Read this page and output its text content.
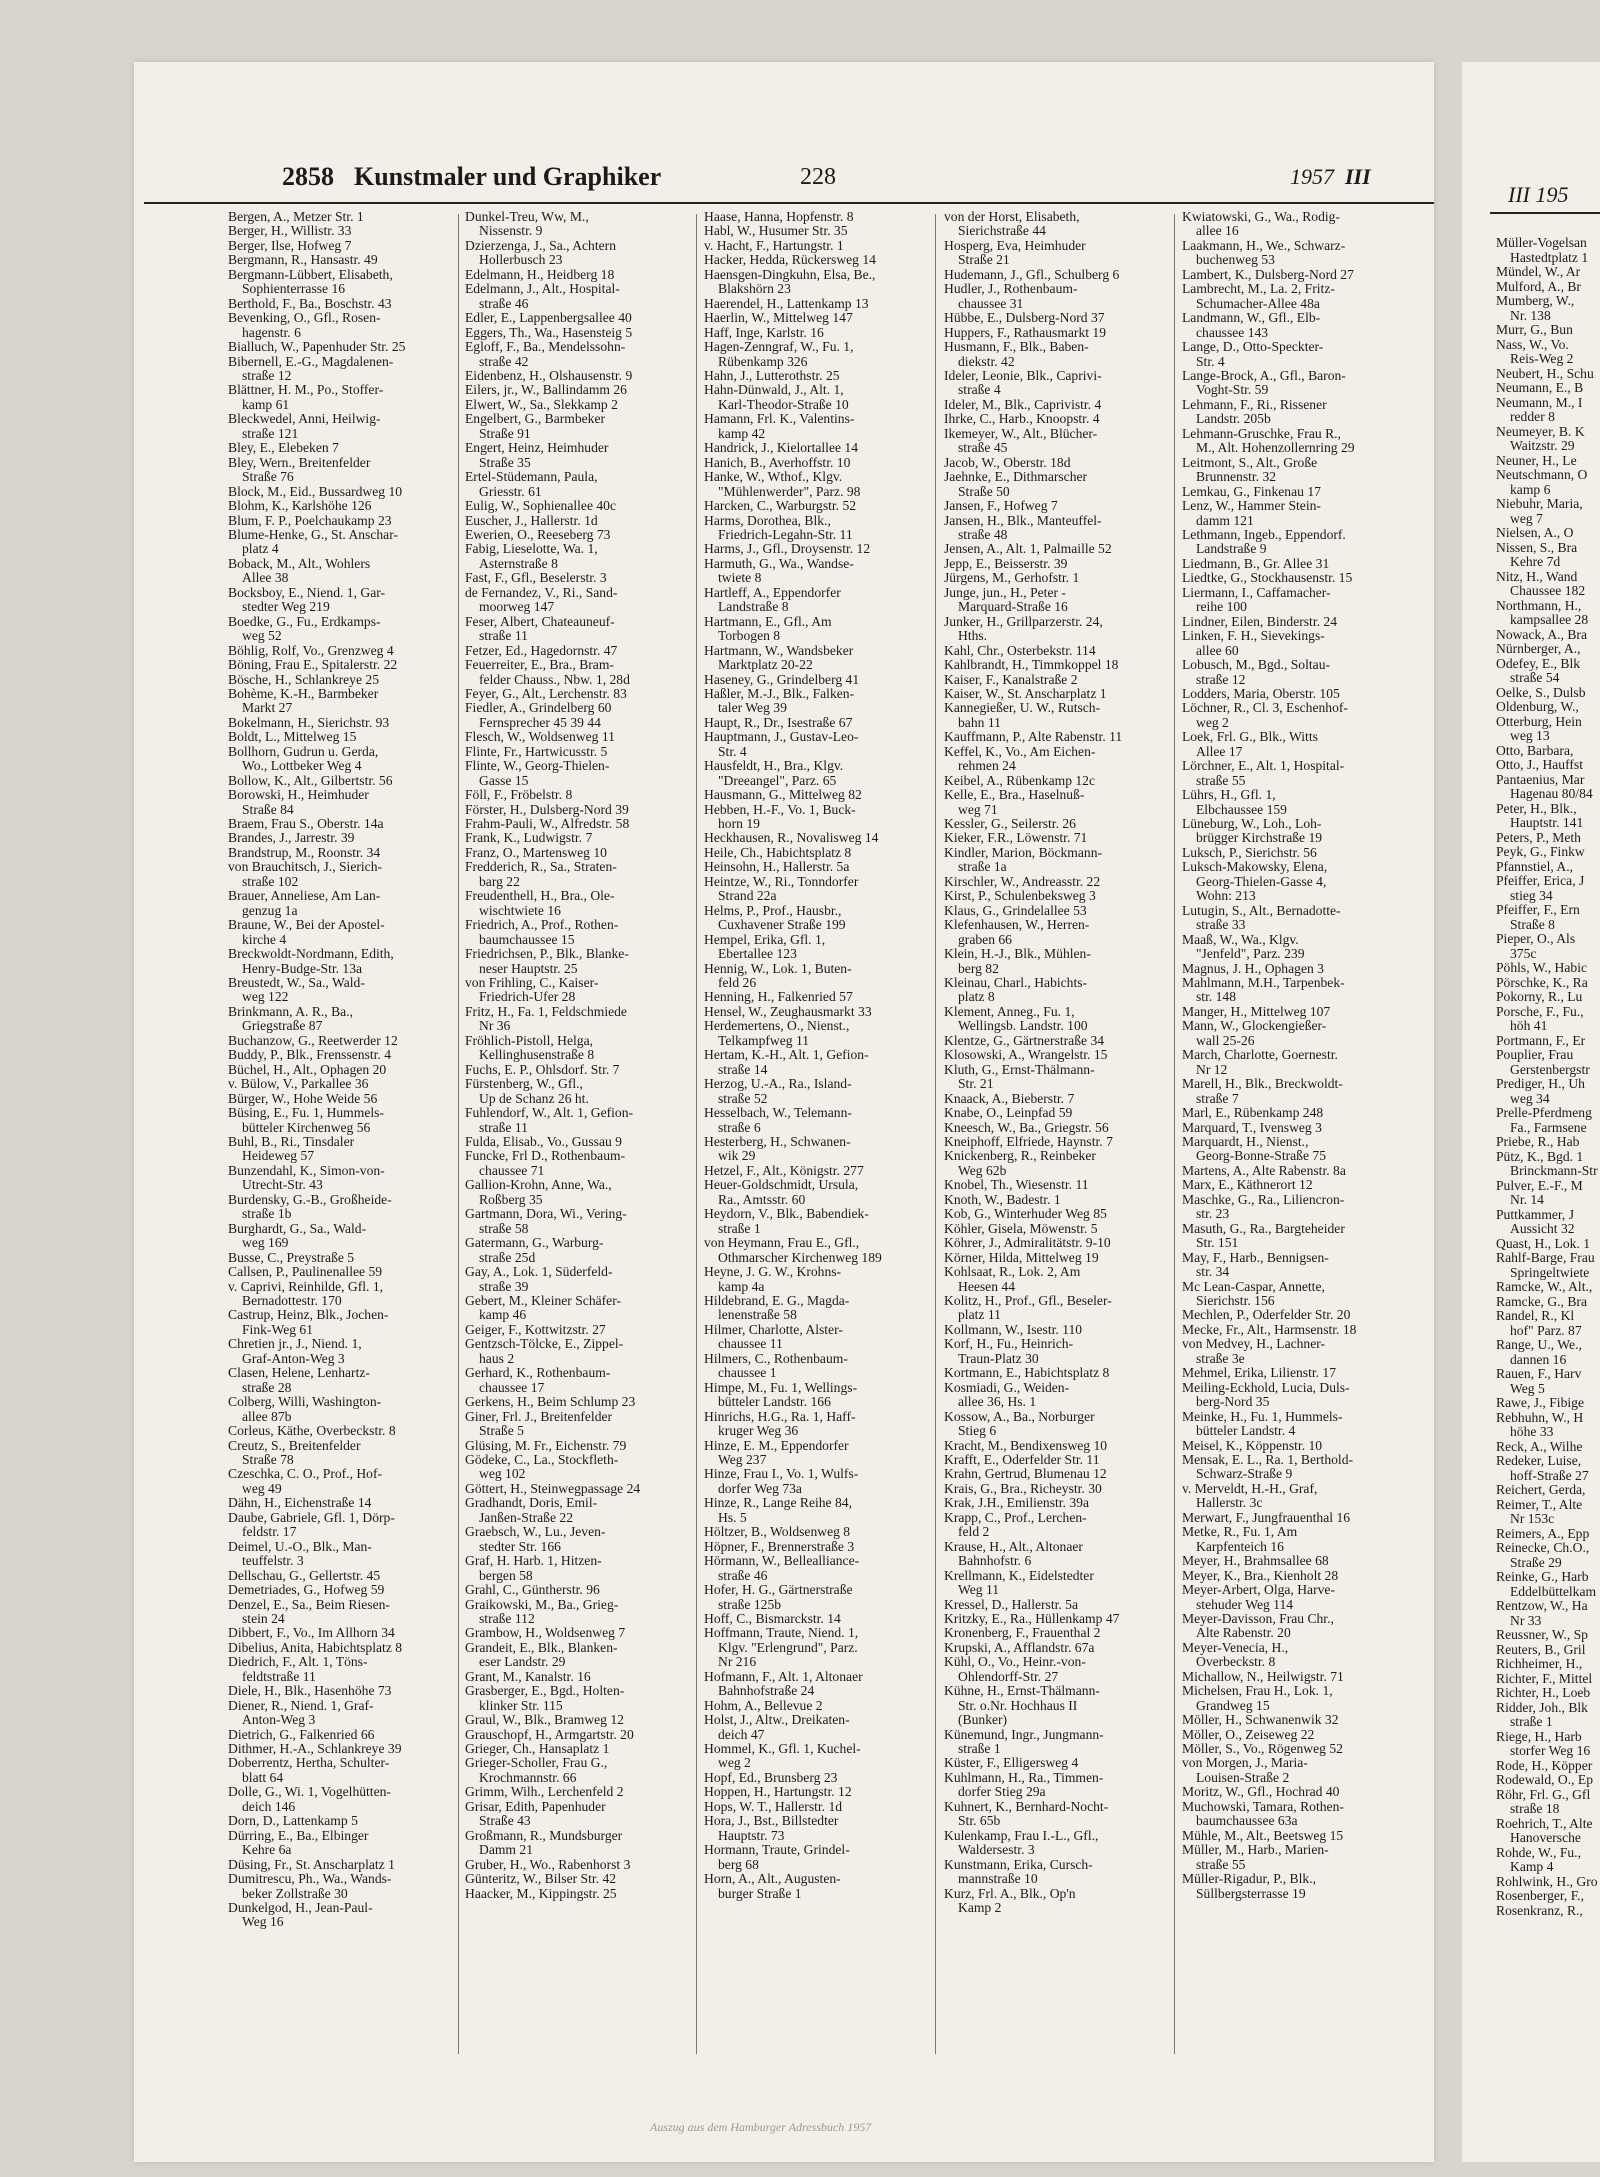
2858 Kunstmaler und Graphiker	228	1957 III
III 195

Bergen, A., Metzer Str. 1

Berger, H., Willistr. 33

Berger, Ilse, Hofweg 7

Bergmann, R., Hansastr. 49

Bergmann-Lübbert, Elisabeth,

Sophienterrasse 16

Berthold, F., Ba., Boschstr. 43

Bevenking, O., Gfl., Rosen-

hagenstr. 6

Bialluch, W., Papenhuder Str. 25

Bibernell, E.-G., Magdalenen-

straße 12

Blättner, H. M., Po., Stoffer-

kamp 61

Bleckwedel, Anni, Heilwig-

straße 121

Bley, E., Elebeken 7

Bley, Wern., Breitenfelder

Straße 76

Block, M., Eid., Bussardweg 10

Blohm, K., Karlshöhe 126

Blum, F. P., Poelchaukamp 23

Blume-Henke, G., St. Anschar-

platz 4

Boback, M., Alt., Wohlers

Allee 38

Bocksboy, E., Niend. 1, Gar-

stedter Weg 219

Boedke, G., Fu., Erdkamps-

weg 52

Böhlig, Rolf, Vo., Grenzweg 4

Böning, Frau E., Spitalerstr. 22

Bösche, H., Schlankreye 25

Bohème, K.-H., Barmbeker

Markt 27

Bokelmann, H., Sierichstr. 93

Boldt, L., Mittelweg 15

Bollhorn, Gudrun u. Gerda,

Wo., Lottbeker Weg 4

Bollow, K., Alt., Gilbertstr. 56

Borowski, H., Heimhuder

Straße 84

Braem, Frau S., Oberstr. 14a

Brandes, J., Jarrestr. 39

Brandstrup, M., Roonstr. 34

von Brauchitsch, J., Sierich-

straße 102

Brauer, Anneliese, Am Lan-

genzug 1a

Braune, W., Bei der Apostel-

kirche 4

Breckwoldt-Nordmann, Edith,

Henry-Budge-Str. 13a

Breustedt, W., Sa., Wald-

weg 122

Brinkmann, A. R., Ba.,

Griegstraße 87

Buchanzow, G., Reetwerder 12

Buddy, P., Blk., Frenssenstr. 4

Büchel, H., Alt., Ophagen 20

v. Bülow, V., Parkallee 36

Bürger, W., Hohe Weide 56

Büsing, E., Fu. 1, Hummels-

bütteler Kirchenweg 56

Buhl, B., Ri., Tinsdaler

Heideweg 57

Bunzendahl, K., Simon-von-

Utrecht-Str. 43

Burdensky, G.-B., Großheide-

straße 1b

Burghardt, G., Sa., Wald-

weg 169

Busse, C., Preystraße 5

Callsen, P., Paulinenallee 59

v. Caprivi, Reinhilde, Gfl. 1,

Bernadottestr. 170

Castrup, Heinz, Blk., Jochen-

Fink-Weg 61

Chretien jr., J., Niend. 1,

Graf-Anton-Weg 3

Clasen, Helene, Lenhartz-

straße 28

Colberg, Willi, Washington-

allee 87b

Corleus, Käthe, Overbeckstr. 8

Creutz, S., Breitenfelder

Straße 78

Czeschka, C. O., Prof., Hof-

weg 49

Dähn, H., Eichenstraße 14

Daube, Gabriele, Gfl. 1, Dörp-

feldstr. 17

Deimel, U.-O., Blk., Man-

teuffelstr. 3

Dellschau, G., Gellertstr. 45

Demetriades, G., Hofweg 59

Denzel, E., Sa., Beim Riesen-

stein 24

Dibbert, F., Vo., Im Allhorn 34

Dibelius, Anita, Habichtsplatz 8

Diedrich, F., Alt. 1, Töns-

feldtstraße 11

Diele, H., Blk., Hasenhöhe 73

Diener, R., Niend. 1, Graf-

Anton-Weg 3

Dietrich, G., Falkenried 66

Dithmer, H.-A., Schlankreye 39

Doberrentz, Hertha, Schulter-

blatt 64

Dolle, G., Wi. 1, Vogelhütten-

deich 146

Dorn, D., Lattenkamp 5

Dürring, E., Ba., Elbinger

Kehre 6a

Düsing, Fr., St. Anscharplatz 1

Dumitrescu, Ph., Wa., Wands-

beker Zollstraße 30

Dunkelgod, H., Jean-Paul-

Weg 16

Dunkel-Treu, Ww, M.,

Nissenstr. 9

Dzierzenga, J., Sa., Achtern

Hollerbusch 23

Edelmann, H., Heidberg 18

Edelmann, J., Alt., Hospital-

straße 46

Edler, E., Lappenbergsallee 40

Eggers, Th., Wa., Hasensteig 5

Egloff, F., Ba., Mendelssohn-

straße 42

Eidenbenz, H., Olshausenstr. 9

Eilers, jr., W., Ballindamm 26

Elwert, W., Sa., Slekkamp 2

Engelbert, G., Barmbeker

Straße 91

Engert, Heinz, Heimhuder

Straße 35

Ertel-Stüdemann, Paula,

Griesstr. 61

Eulig, W., Sophienallee 40c

Euscher, J., Hallerstr. 1d

Ewerien, O., Reeseberg 73

Fabig, Lieselotte, Wa. 1,

Asternstraße 8

Fast, F., Gfl., Beselerstr. 3

de Fernandez, V., Ri., Sand-

moorweg 147

Feser, Albert, Chateauneuf-

straße 11

Fetzer, Ed., Hagedornstr. 47

Feuerreiter, E., Bra., Bram-

felder Chauss., Nbw. 1, 28d

Feyer, G., Alt., Lerchenstr. 83

Fiedler, A., Grindelberg 60

Fernsprecher 45 39 44

Flesch, W., Woldsenweg 11

Flinte, Fr., Hartwicusstr. 5

Flinte, W., Georg-Thielen-

Gasse 15

Föll, F., Fröbelstr. 8

Förster, H., Dulsberg-Nord 39

Frahm-Pauli, W., Alfredstr. 58

Frank, K., Ludwigstr. 7

Franz, O., Martensweg 10

Fredderich, R., Sa., Straten-

barg 22

Freudenthell, H., Bra., Ole-

wischtwiete 16

Friedrich, A., Prof., Rothen-

baumchaussee 15

Friedrichsen, P., Blk., Blanke-

neser Hauptstr. 25

von Frihling, C., Kaiser-

Friedrich-Ufer 28

Fritz, H., Fa. 1, Feldschmiede

Nr 36

Fröhlich-Pistoll, Helga,

Kellinghusenstraße 8

Fuchs, E. P., Ohlsdorf. Str. 7

Fürstenberg, W., Gfl.,

Up de Schanz 26 ht.

Fuhlendorf, W., Alt. 1, Gefion-

straße 11

Fulda, Elisab., Vo., Gussau 9

Funcke, Frl D., Rothenbaum-

chaussee 71

Gallion-Krohn, Anne, Wa.,

Roßberg 35

Gartmann, Dora, Wi., Vering-

straße 58

Gatermann, G., Warburg-

straße 25d

Gay, A., Lok. 1, Süderfeld-

straße 39

Gebert, M., Kleiner Schäfer-

kamp 46

Geiger, F., Kottwitzstr. 27

Gentzsch-Tölcke, E., Zippel-

haus 2

Gerhard, K., Rothenbaum-

chaussee 17

Gerkens, H., Beim Schlump 23

Giner, Frl. J., Breitenfelder

Straße 5

Glüsing, M. Fr., Eichenstr. 79

Gödeke, C., La., Stockfleth-

weg 102

Göttert, H., Steinwegpassage 24

Gradhandt, Doris, Emil-

Janßen-Straße 22

Graebsch, W., Lu., Jeven-

stedter Str. 166

Graf, H. Harb. 1, Hitzen-

bergen 58

Grahl, C., Güntherstr. 96

Graikowski, M., Ba., Grieg-

straße 112

Grambow, H., Woldsenweg 7

Grandeit, E., Blk., Blanken-

eser Landstr. 29

Grant, M., Kanalstr. 16

Grasberger, E., Bgd., Holten-

klinker Str. 115

Graul, W., Blk., Bramweg 12

Grauschopf, H., Armgartstr. 20

Grieger, Ch., Hansaplatz 1

Grieger-Scholler, Frau G.,

Krochmannstr. 66

Grimm, Wilh., Lerchenfeld 2

Grisar, Edith, Papenhuder

Straße 43

Großmann, R., Mundsburger

Damm 21

Gruber, H., Wo., Rabenhorst 3

Günteritz, W., Bilser Str. 42

Haacker, M., Kippingstr. 25

Haase, Hanna, Hopfenstr. 8

Habl, W., Husumer Str. 35

v. Hacht, F., Hartungstr. 1

Hacker, Hedda, Rückersweg 14

Haensgen-Dingkuhn, Elsa, Be.,

Blakshörn 23

Haerendel, H., Lattenkamp 13

Haerlin, W., Mittelweg 147

Haff, Inge, Karlstr. 16

Hagen-Zenngraf, W., Fu. 1,

Rübenkamp 326

Hahn, J., Lutterothstr. 25

Hahn-Dünwald, J., Alt. 1,

Karl-Theodor-Straße 10

Hamann, Frl. K., Valentins-

kamp 42

Handrick, J., Kielortallee 14

Hanich, B., Averhoffstr. 10

Hanke, W., Wthof., Klgv.

"Mühlenwerder", Parz. 98

Harcken, C., Warburgstr. 52

Harms, Dorothea, Blk.,

Friedrich-Legahn-Str. 11

Harms, J., Gfl., Droysenstr. 12

Harmuth, G., Wa., Wandse-

twiete 8

Hartleff, A., Eppendorfer

Landstraße 8

Hartmann, E., Gfl., Am

Torbogen 8

Hartmann, W., Wandsbeker

Marktplatz 20-22

Haseney, G., Grindelberg 41

Haßler, M.-J., Blk., Falken-

taler Weg 39

Haupt, R., Dr., Isestraße 67

Hauptmann, J., Gustav-Leo-

Str. 4

Hausfeldt, H., Bra., Klgv.

"Dreeangel", Parz. 65

Hausmann, G., Mittelweg 82

Hebben, H.-F., Vo. 1, Buck-

horn 19

Heckhausen, R., Novalisweg 14

Heile, Ch., Habichtsplatz 8

Heinsohn, H., Hallerstr. 5a

Heintze, W., Ri., Tonndorfer

Strand 22a

Helms, P., Prof., Hausbr.,

Cuxhavener Straße 199

Hempel, Erika, Gfl. 1,

Ebertallee 123

Hennig, W., Lok. 1, Buten-

feld 26

Henning, H., Falkenried 57

Hensel, W., Zeughausmarkt 33

Herdemertens, O., Nienst.,

Telkampfweg 11

Hertam, K.-H., Alt. 1, Gefion-

straße 14

Herzog, U.-A., Ra., Island-

straße 52

Hesselbach, W., Telemann-

straße 6

Hesterberg, H., Schwanen-

wik 29

Hetzel, F., Alt., Königstr. 277

Heuer-Goldschmidt, Ursula,

Ra., Amtsstr. 60

Heydorn, V., Blk., Babendiek-

straße 1

von Heymann, Frau E., Gfl.,

Othmarscher Kirchenweg 189

Heyne, J. G. W., Krohns-

kamp 4a

Hildebrand, E. G., Magda-

lenenstraße 58

Hilmer, Charlotte, Alster-

chaussee 11

Hilmers, C., Rothenbaum-

chaussee 1

Himpe, M., Fu. 1, Wellings-

bütteler Landstr. 166

Hinrichs, H.G., Ra. 1, Haff-

kruger Weg 36

Hinze, E. M., Eppendorfer

Weg 237

Hinze, Frau I., Vo. 1, Wulfs-

dorfer Weg 73a

Hinze, R., Lange Reihe 84,

Hs. 5

Höltzer, B., Woldsenweg 8

Höpner, F., Brennerstraße 3

Hörmann, W., Bellealliance-

straße 46

Hofer, H. G., Gärtnerstraße

straße 125b

Hoff, C., Bismarckstr. 14

Hoffmann, Traute, Niend. 1,

Klgv. "Erlengrund", Parz.

Nr 216

Hofmann, F., Alt. 1, Altonaer

Bahnhofstraße 24

Hohm, A., Bellevue 2

Holst, J., Altw., Dreikaten-

deich 47

Hommel, K., Gfl. 1, Kuchel-

weg 2

Hopf, Ed., Brunsberg 23

Hoppen, H., Hartungstr. 12

Hops, W. T., Hallerstr. 1d

Hora, J., Bst., Billstedter

Hauptstr. 73

Hormann, Traute, Grindel-

berg 68

Horn, A., Alt., Augusten-

burger Straße 1

von der Horst, Elisabeth,

Sierichstraße 44

Hosperg, Eva, Heimhuder

Straße 21

Hudemann, J., Gfl., Schulberg 6

Hudler, J., Rothenbaum-

chaussee 31

Hübbe, E., Dulsberg-Nord 37

Huppers, F., Rathausmarkt 19

Husmann, F., Blk., Baben-

diekstr. 42

Ideler, Leonie, Blk., Caprivi-

straße 4

Ideler, M., Blk., Caprivistr. 4

Ihrke, C., Harb., Knoopstr. 4

Ikemeyer, W., Alt., Blücher-

straße 45

Jacob, W., Oberstr. 18d

Jaehnke, E., Dithmarscher

Straße 50

Jansen, F., Hofweg 7

Jansen, H., Blk., Manteuffel-

straße 48

Jensen, A., Alt. 1, Palmaille 52

Jepp, E., Beisserstr. 39

Jürgens, M., Gerhofstr. 1

Junge, jun., H., Peter -

Marquard-Straße 16

Junker, H., Grillparzerstr. 24,

Hths.

Kahl, Chr., Osterbekstr. 114

Kahlbrandt, H., Timmkoppel 18

Kaiser, F., Kanalstraße 2

Kaiser, W., St. Anscharplatz 1

Kannegießer, U. W., Rutsch-

bahn 11

Kauffmann, P., Alte Rabenstr. 11

Keffel, K., Vo., Am Eichen-

rehmen 24

Keibel, A., Rübenkamp 12c

Kelle, E., Bra., Haselnuß-

weg 71

Kessler, G., Seilerstr. 26

Kieker, F.R., Löwenstr. 71

Kindler, Marion, Böckmann-

straße 1a

Kirschler, W., Andreasstr. 22

Kirst, P., Schulenbeksweg 3

Klaus, G., Grindelallee 53

Klefenhausen, W., Herren-

graben 66

Klein, H.-J., Blk., Mühlen-

berg 82

Kleinau, Charl., Habichts-

platz 8

Klement, Anneg., Fu. 1,

Wellingsb. Landstr. 100

Klentze, G., Gärtnerstraße 34

Klosowski, A., Wrangelstr. 15

Kluth, G., Ernst-Thälmann-

Str. 21

Knaack, A., Bieberstr. 7

Knabe, O., Leinpfad 59

Kneesch, W., Ba., Griegstr. 56

Kneiphoff, Elfriede, Haynstr. 7

Knickenberg, R., Reinbeker

Weg 62b

Knobel, Th., Wiesenstr. 11

Knoth, W., Badestr. 1

Kob, G., Winterhuder Weg 85

Köhler, Gisela, Möwenstr. 5

Köhrer, J., Admiralitätstr. 9-10

Körner, Hilda, Mittelweg 19

Kohlsaat, R., Lok. 2, Am

Heesen 44

Kolitz, H., Prof., Gfl., Beseler-

platz 11

Kollmann, W., Isestr. 110

Korf, H., Fu., Heinrich-

Traun-Platz 30

Kortmann, E., Habichtsplatz 8

Kosmiadi, G., Weiden-

allee 36, Hs. 1

Kossow, A., Ba., Norburger

Stieg 6

Kracht, M., Bendixensweg 10

Krafft, E., Oderfelder Str. 11

Krahn, Gertrud, Blumenau 12

Krais, G., Bra., Richeystr. 30

Krak, J.H., Emilienstr. 39a

Krapp, C., Prof., Lerchen-

feld 2

Krause, H., Alt., Altonaer

Bahnhofstr. 6

Krellmann, K., Eidelstedter

Weg 11

Kressel, D., Hallerstr. 5a

Kritzky, E., Ra., Hüllenkamp 47

Kronenberg, F., Frauenthal 2

Krupski, A., Afflandstr. 67a

Kühl, O., Vo., Heinr.-von-

Ohlendorff-Str. 27

Kühne, H., Ernst-Thälmann-

Str. o.Nr. Hochhaus II

(Bunker)

Künemund, Ingr., Jungmann-

straße 1

Küster, F., Elligersweg 4

Kuhlmann, H., Ra., Timmen-

dorfer Stieg 29a

Kuhnert, K., Bernhard-Nocht-

Str. 65b

Kulenkamp, Frau I.-L., Gfl.,

Waldersestr. 3

Kunstmann, Erika, Cursch-

mannstraße 10

Kurz, Frl. A., Blk., Op'n

Kamp 2

Kwiatowski, G., Wa., Rodig-

allee 16

Laakmann, H., We., Schwarz-

buchenweg 53

Lambert, K., Dulsberg-Nord 27

Lambrecht, M., La. 2, Fritz-

Schumacher-Allee 48a

Landmann, W., Gfl., Elb-

chaussee 143

Lange, D., Otto-Speckter-

Str. 4

Lange-Brock, A., Gfl., Baron-

Voght-Str. 59

Lehmann, F., Ri., Rissener

Landstr. 205b

Lehmann-Gruschke, Frau R.,

M., Alt. Hohenzollernring 29

Leitmont, S., Alt., Große

Brunnenstr. 32

Lemkau, G., Finkenau 17

Lenz, W., Hammer Stein-

damm 121

Lethmann, Ingeb., Eppendorf.

Landstraße 9

Liedmann, B., Gr. Allee 31

Liedtke, G., Stockhausenstr. 15

Liermann, I., Caffamacher-

reihe 100

Lindner, Eilen, Binderstr. 24

Linken, F. H., Sievekings-

allee 60

Lobusch, M., Bgd., Soltau-

straße 12

Lodders, Maria, Oberstr. 105

Löchner, R., Cl. 3, Eschenhof-

weg 2

Loek, Frl. G., Blk., Witts

Allee 17

Lörchner, E., Alt. 1, Hospital-

straße 55

Lührs, H., Gfl. 1,

Elbchaussee 159

Lüneburg, W., Loh., Loh-

brügger Kirchstraße 19

Luksch, P., Sierichstr. 56

Luksch-Makowsky, Elena,

Georg-Thielen-Gasse 4,

Wohn: 213

Lutugin, S., Alt., Bernadotte-

straße 33

Maaß, W., Wa., Klgv.

"Jenfeld", Parz. 239

Magnus, J. H., Ophagen 3

Mahlmann, M.H., Tarpenbek-

str. 148

Manger, H., Mittelweg 107

Mann, W., Glockengießer-

wall 25-26

March, Charlotte, Goernestr.

Nr 12

Marell, H., Blk., Breckwoldt-

straße 7

Marl, E., Rübenkamp 248

Marquard, T., Ivensweg 3

Marquardt, H., Nienst.,

Georg-Bonne-Straße 75

Martens, A., Alte Rabenstr. 8a

Marx, E., Käthnerort 12

Maschke, G., Ra., Liliencron-

str. 23

Masuth, G., Ra., Bargteheider

Str. 151

May, F., Harb., Bennigsen-

str. 34

Mc Lean-Caspar, Annette,

Sierichstr. 156

Mechlen, P., Oderfelder Str. 20

Mecke, Fr., Alt., Harmsenstr. 18

von Medvey, H., Lachner-

straße 3e

Mehmel, Erika, Lilienstr. 17

Meiling-Eckhold, Lucia, Duls-

berg-Nord 35

Meinke, H., Fu. 1, Hummels-

bütteler Landstr. 4

Meisel, K., Köppenstr. 10

Mensak, E. L., Ra. 1, Berthold-

Schwarz-Straße 9

v. Merveldt, H.-H., Graf,

Hallerstr. 3c

Merwart, F., Jungfrauenthal 16

Metke, R., Fu. 1, Am

Karpfenteich 16

Meyer, H., Brahmsallee 68

Meyer, K., Bra., Kienholt 28

Meyer-Arbert, Olga, Harve-

stehuder Weg 114

Meyer-Davisson, Frau Chr.,

Alte Rabenstr. 20

Meyer-Venecia, H.,

Overbeckstr. 8

Michallow, N., Heilwigstr. 71

Michelsen, Frau H., Lok. 1,

Grandweg 15

Möller, H., Schwanenwik 32

Möller, O., Zeiseweg 22

Möller, S., Vo., Rögenweg 52

von Morgen, J., Maria-

Louisen-Straße 2

Moritz, W., Gfl., Hochrad 40

Muchowski, Tamara, Rothen-

baumchaussee 63a

Mühle, M., Alt., Beetsweg 15

Müller, M., Harb., Marien-

straße 55

Müller-Rigadur, P., Blk.,

Süllbergsterrasse 19

Müller-Vogelsan

Hastedtplatz 1

Mündel, W., Ar

Mulford, A., Br

Mumberg, W.,

Nr. 138

Murr, G., Bun

Nass, W., Vo.

Reis-Weg 2

Neubert, H., Schu

Neumann, E., B

Neumann, M., I

redder 8

Neumeyer, B. K

Waitzstr. 29

Neuner, H., Le

Neutschmann, O

kamp 6

Niebuhr, Maria,

weg 7

Nielsen, A., O

Nissen, S., Bra

Kehre 7d

Nitz, H., Wand

Chaussee 182

Northmann, H.,

kampsallee 28

Nowack, A., Bra

Nürnberger, A.,

Odefey, E., Blk

straße 54

Oelke, S., Dulsb

Oldenburg, W.,

Otterburg, Hein

weg 13

Otto, Barbara,

Otto, J., Hauffst

Pantaenius, Mar

Hagenau 80/84

Peter, H., Blk.,

Hauptstr. 141

Peters, P., Meth

Peyk, G., Finkw

Pfannstiel, A.,

Pfeiffer, Erica, J

stieg 34

Pfeiffer, F., Ern

Straße 8

Pieper, O., Als

375c

Pöhls, W., Habic

Pörschke, K., Ra

Pokorny, R., Lu

Porsche, F., Fu.,

höh 41

Portmann, F., Er

Pouplier, Frau

Gerstenbergstr

Prediger, H., Uh

weg 34

Prelle-Pferdmeng

Fa., Farmsene

Priebe, R., Hab

Pütz, K., Bgd. 1

Brinckmann-Str

Pulver, E.-F., M

Nr. 14

Puttkammer, J

Aussicht 32

Quast, H., Lok. 1

Rahlf-Barge, Frau

Springeltwiete

Ramcke, W., Alt.,

Ramcke, G., Bra

Randel, R., Kl

hof" Parz. 87

Range, U., We.,

dannen 16

Rauen, F., Harv

Weg 5

Rawe, J., Fibige

Rebhuhn, W., H

höhe 33

Reck, A., Wilhe

Redeker, Luise,

hoff-Straße 27

Reichert, Gerda,

Reimer, T., Alte

Nr 153c

Reimers, A., Epp

Reinecke, Ch.O.,

Straße 29

Reinke, G., Harb

Eddelbüttelkam

Rentzow, W., Ha

Nr 33

Reussner, W., Sp

Reuters, B., Gril

Richheimer, H.,

Richter, F., Mittel

Richter, H., Loeb

Ridder, Joh., Blk

straße 1

Riege, H., Harb

storfer Weg 16

Rode, H., Köpper

Rodewald, O., Ep

Röhr, Frl. G., Gfl

straße 18

Roehrich, T., Alte

Hanoversche

Rohde, W., Fu.,

Kamp 4

Rohlwink, H., Gro

Rosenberger, F.,

Rosenkranz, R.,

Auszug aus dem Hamburger Adressbuch 1957
